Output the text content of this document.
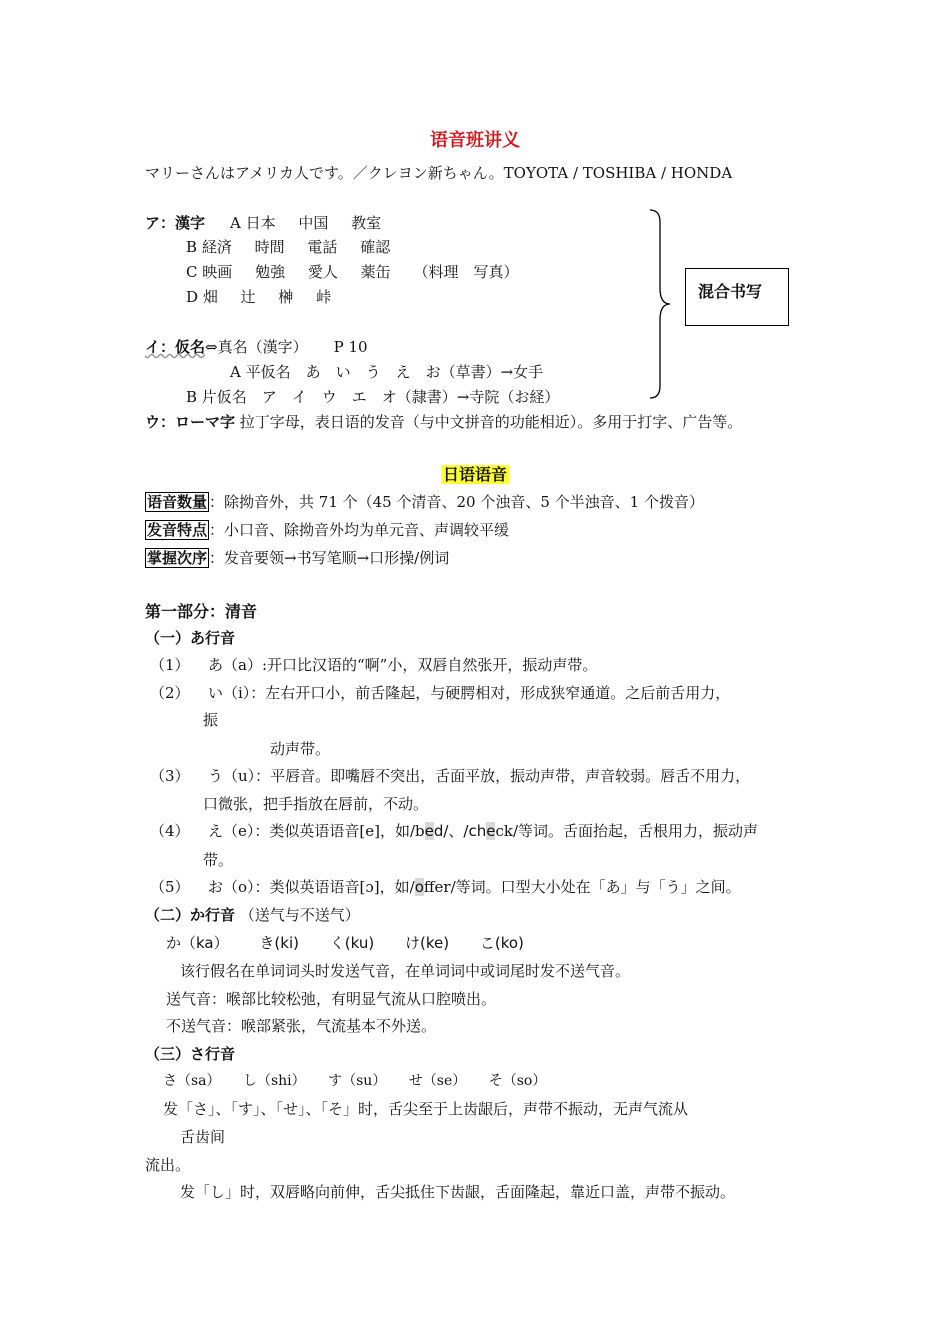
语音班讲义
マリーさんはアメリカ人です。／クレヨン新ちゃん。TOYOTA / TOSHIBA / HONDA
ア：漢字 A 日本 中国 教室
B 経済 時間 電話 確認
C 映画 勉強 愛人 薬缶 （料理　写真）
D 畑 辻 榊 峠	混合书写
イ：仮名⇔真名（漢字） P 10
A 平仮名　あ　い　う　え　お（草書）→女手
B 片仮名　ア　イ　ウ　エ　オ（隷書）→寺院（お経）
ウ：ローマ字 拉丁字母，表日语的发音（与中文拼音的功能相近）。多用于打字、广告等。
日语语音
语音数量 ：除拗音外，共 71 个（45 个清音、20 个浊音、5 个半浊音、1 个拨音）
发音特点 ：小口音、除拗音外均为单元音、声调较平缓
掌握次序 ：发音要领→书写笔顺→口形操/例词
第一部分：清音
（一）あ行音
（1） あ（a）:开口比汉语的“啊”小，双唇自然张开，振动声带。
（2） い（i）：左右开口小，前舌隆起，与硬腭相对，形成狭窄通道。之后前舌用力，
振
动声带。
（3） う（u）：平唇音。即嘴唇不突出，舌面平放，振动声带，声音较弱。唇舌不用力，
口微张，把手指放在唇前，不动。
（4） え（e）：类似英语语音[e]，如/bed/、/check/等词。舌面抬起，舌根用力，振动声
带。
（5） お（o）：类似英语语音[ɔ]，如/offer/等词。口型大小处在「あ」与「う」之间。
（二）か行音 （送气与不送气）
か（ka） き(ki) く(ku) け(ke) こ(ko)
该行假名在单词词头时发送气音，在单词词中或词尾时发不送气音。
送气音：喉部比较松弛，有明显气流从口腔喷出。
不送气音：喉部紧张，气流基本不外送。
（三）さ行音
さ（sa） し（shi） す（su） せ（se） そ（so）
发「さ」、「す」、「せ」、「そ」时，舌尖至于上齿龈后，声带不振动，无声气流从
舌齿间
流出。
发「し」时，双唇略向前伸，舌尖抵住下齿龈，舌面隆起，靠近口盖，声带不振动。
